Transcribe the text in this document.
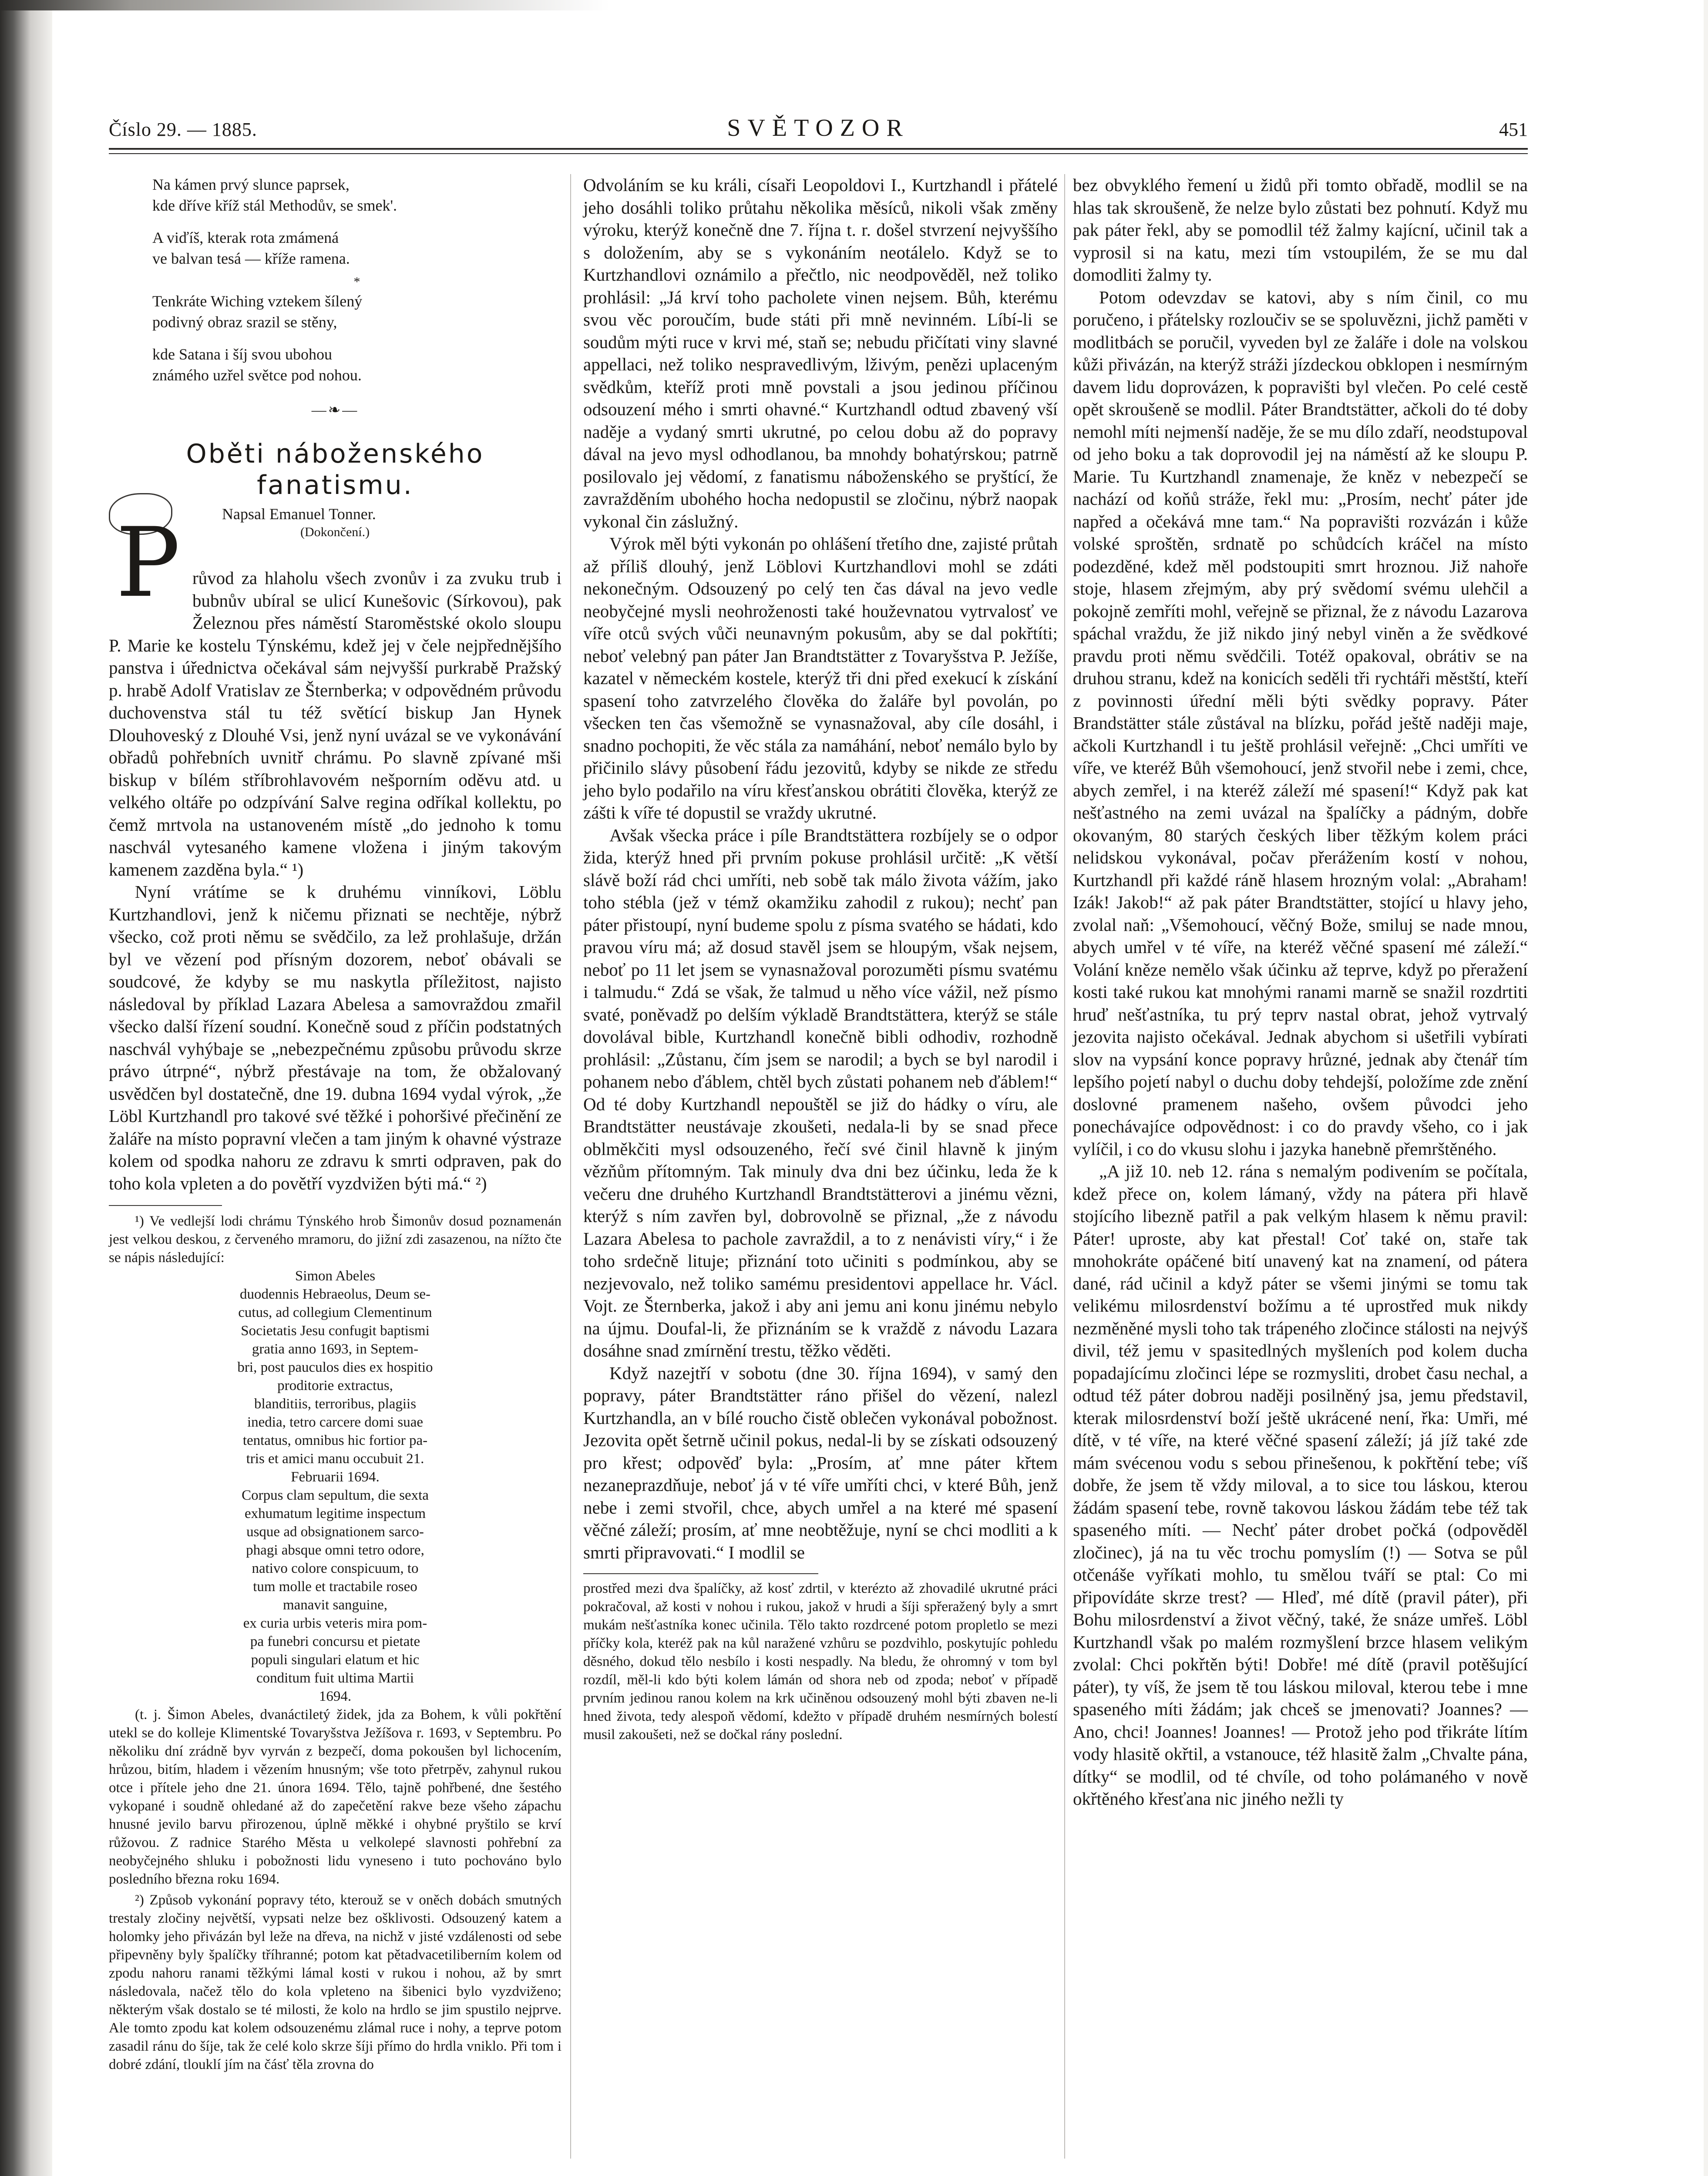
Číslo 29. — 1885.	SVĚTOZOR	451
Na kámen prvý slunce paprsek,
kde dříve kříž stál Methodův, se smek'.
A viďíš, kterak rota zmámená
ve balvan tesá — kříže ramena.
*
Tenkráte Wiching vztekem šílený
podivný obraz srazil se stěny,
kde Satana i šíj svou ubohou
známého uzřel světce pod nohou.
—❧—
Oběti náboženského fanatismu.
Napsal Emanuel Tonner.
(Dokončení.)

P růvod za hlaholu všech zvonův i za zvuku trub i bubnův ubíral se ulicí Kunešovic (Sírkovou), pak Železnou přes náměstí Staroměstské okolo sloupu P. Marie ke kostelu Týnskému, kdež jej v čele nejpřednějšího panstva i úřednictva očekával sám nejvyšší purkrabě Pražský p. hrabě Adolf Vratislav ze Šternberka; v odpovědném průvodu duchovenstva stál tu též světící biskup Jan Hynek Dlouhoveský z Dlouhé Vsi, jenž nyní uvázal se ve vykonávání obřadů pohřebních uvnitř chrámu. Po slavně zpívané mši biskup v bílém stříbrohlavovém nešporním oděvu atd. u velkého oltáře po odzpívání Salve regina odříkal kollektu, po čemž mrtvola na ustanoveném místě „do jednoho k tomu naschvál vytesaného kamene vložena i jiným takovým kamenem zazděna byla.“ ¹)

Nyní vrátíme se k druhému vinníkovi, Löblu Kurtzhandlovi, jenž k ničemu přiznati se nechtěje, nýbrž všecko, což proti němu se svědčilo, za lež prohlašuje, držán byl ve vězení pod přísným dozorem, neboť obávali se soudcové, že kdyby se mu naskytla příležitost, najisto následoval by příklad Lazara Abelesa a samovraždou zmařil všecko další řízení soudní. Konečně soud z příčin podstatných naschvál vyhýbaje se „nebezpečnému způsobu průvodu skrze právo útrpné“, nýbrž přestávaje na tom, že obžalovaný usvědčen byl dostatečně, dne 19. dubna 1694 vydal výrok, „že Löbl Kurtzhandl pro takové své těžké i pohoršivé přečinění ze žaláře na místo popravní vlečen a tam jiným k ohavné výstraze kolem od spodka nahoru ze zdravu k smrti odpraven, pak do toho kola vpleten a do povětří vyzdvižen býti má.“ ²)

¹) Ve vedlejší lodi chrámu Týnského hrob Šimonův dosud poznamenán jest velkou deskou, z červeného mramoru, do jižní zdi zasazenou, na nížto čte se nápis následující:

Simon Abeles
duodennis Hebraeolus, Deum se-
cutus, ad collegium Clementinum
Societatis Jesu confugit baptismi
gratia anno 1693, in Septem-
bri, post pauculos dies ex hospitio
proditorie extractus,
blanditiis, terroribus, plagiis
inedia, tetro carcere domi suae
tentatus, omnibus hic fortior pa-
tris et amici manu occubuit 21.
Februarii 1694.
Corpus clam sepultum, die sexta
exhumatum legitime inspectum
usque ad obsignationem sarco-
phagi absque omni tetro odore,
nativo colore conspicuum, to
tum molle et tractabile roseo
manavit sanguine,
ex curia urbis veteris mira pom-
pa funebri concursu et pietate
populi singulari elatum et hic
conditum fuit ultima Martii
1694.

(t. j. Šimon Abeles, dvanáctiletý židek, jda za Bohem, k vůli pokřtění utekl se do kolleje Klimentské Tovaryšstva Ježíšova r. 1693, v Septembru. Po několiku dní zrádně byv vyrván z bezpečí, doma pokoušen byl lichocením, hrůzou, bitím, hladem i vězením hnusným; vše toto přetrpěv, zahynul rukou otce i přítele jeho dne 21. února 1694. Tělo, tajně pohřbené, dne šestého vykopané i soudně ohledané až do zapečetění rakve beze všeho zápachu hnusné jevilo barvu přirozenou, úplně měkké i ohybné pryštilo se krví růžovou. Z radnice Starého Města u velkolepé slavnosti pohřební za neobyčejného shluku i pobožnosti lidu vyneseno i tuto pochováno bylo posledního března roku 1694.

²) Způsob vykonání popravy této, kterouž se v oněch dobách smutných trestaly zločiny největší, vypsati nelze bez ošklivosti. Odsouzený katem a holomky jeho přivázán byl leže na dřeva, na nichž v jisté vzdálenosti od sebe připevněny byly špalíčky tříhranné; potom kat pětadvacetiliberním kolem od zpodu nahoru ranami těžkými lámal kosti v rukou i nohou, až by smrt následovala, načež tělo do kola vpleteno na šibenici bylo vyzdviženo; některým však dostalo se té milosti, že kolo na hrdlo se jim spustilo nejprve. Ale tomto zpodu kat kolem odsouzenému zlámal ruce i nohy, a teprve potom zasadil ránu do šíje, tak že celé kolo skrze šíji přímo do hrdla vniklo. Při tom i dobré zdání, tlouklí jím na čásť těla zrovna do

Odvoláním se ku králi, císaři Leopoldovi I., Kurtzhandl i přátelé jeho dosáhli toliko průtahu několika měsíců, nikoli však změny výroku, kterýž konečně dne 7. října t. r. došel stvrzení nejvyššího s doložením, aby se s vykonáním neotálelo. Když se to Kurtzhandlovi oznámilo a přečtlo, nic neodpověděl, než toliko prohlásil: „Já krví toho pacholete vinen nejsem. Bůh, kterému svou věc poroučím, bude státi při mně nevinném. Líbí-li se soudům mýti ruce v krvi mé, staň se; nebudu přičítati viny slavné appellaci, než toliko nespravedlivým, lživým, penězi uplaceným svědkům, kteříž proti mně povstali a jsou jedinou příčinou odsouzení mého i smrti ohavné.“ Kurtzhandl odtud zbavený vší naděje a vydaný smrti ukrutné, po celou dobu až do popravy dával na jevo mysl odhodlanou, ba mnohdy bohatýrskou; patrně posilovalo jej vědomí, z fanatismu náboženského se pryštící, že zavražděním ubohého hocha nedopustil se zločinu, nýbrž naopak vykonal čin záslužný.

Výrok měl býti vykonán po ohlášení třetího dne, zajisté průtah až příliš dlouhý, jenž Löblovi Kurtzhandlovi mohl se zdáti nekonečným. Odsouzený po celý ten čas dával na jevo vedle neobyčejné mysli neohroženosti také houževnatou vytrvalosť ve víře otců svých vůči neunavným pokusům, aby se dal pokřtíti; neboť velebný pan páter Jan Brandtstätter z Tovaryšstva P. Ježíše, kazatel v německém kostele, kterýž tři dni před exekucí k získání spasení toho zatvrzelého člověka do žaláře byl povolán, po všecken ten čas všemožně se vynasnažoval, aby cíle dosáhl, i snadno pochopiti, že věc stála za namáhání, neboť nemálo bylo by přičinilo slávy působení řádu jezovitů, kdyby se nikde ze středu jeho bylo podařilo na víru křesťanskou obrátiti člověka, kterýž ze zášti k víře té dopustil se vraždy ukrutné.

Avšak všecka práce i píle Brandtstättera rozbíjely se o odpor žida, kterýž hned při prvním pokuse prohlásil určitě: „K větší slávě boží rád chci umříti, neb sobě tak málo života vážím, jako toho stébla (jež v témž okamžiku zahodil z rukou); nechť pan páter přistoupí, nyní budeme spolu z písma svatého se hádati, kdo pravou víru má; až dosud stavěl jsem se hloupým, však nejsem, neboť po 11 let jsem se vynasnažoval porozuměti písmu svatému i talmudu.“ Zdá se však, že talmud u něho více vážil, než písmo svaté, poněvadž po delším výkladě Brandtstättera, kterýž se stále dovolával bible, Kurtzhandl konečně bibli odhodiv, rozhodně prohlásil: „Zůstanu, čím jsem se narodil; a bych se byl narodil i pohanem nebo ďáblem, chtěl bych zůstati pohanem neb ďáblem!“ Od té doby Kurtzhandl nepouštěl se již do hádky o víru, ale Brandtstätter neustávaje zkoušeti, nedala-li by se snad přece oblměkčiti mysl odsouzeného, řečí své činil hlavně k jiným vězňům přítomným. Tak minuly dva dni bez účinku, leda že k večeru dne druhého Kurtzhandl Brandtstätterovi a jinému vězni, kterýž s ním zavřen byl, dobrovolně se přiznal, „že z návodu Lazara Abelesa to pachole zavraždil, a to z nenávisti víry,“ i že toho srdečně lituje; přiznání toto učiniti s podmínkou, aby se nezjevovalo, než toliko samému presidentovi appellace hr. Václ. Vojt. ze Šternberka, jakož i aby ani jemu ani konu jinému nebylo na újmu. Doufal-li, že přiznáním se k vraždě z návodu Lazara dosáhne snad zmírnění trestu, těžko věděti.

Když nazejtří v sobotu (dne 30. října 1694), v samý den popravy, páter Brandtstätter ráno přišel do vězení, nalezl Kurtzhandla, an v bílé roucho čistě oblečen vykonával pobožnost. Jezovita opět šetrně učinil pokus, nedal-li by se získati odsouzený pro křest; odpověď byla: „Prosím, ať mne páter křtem nezaneprazdňuje, neboť já v té víře umříti chci, v které Bůh, jenž nebe i zemi stvořil, chce, abych umřel a na které mé spasení věčné záleží; prosím, ať mne neobtěžuje, nyní se chci modliti a k smrti připravovati.“ I modlil se

prostřed mezi dva špalíčky, až kosť zdrtil, v kterézto až zhovadilé ukrutné práci pokračoval, až kosti v nohou i rukou, jakož v hrudi a šíji spřeražený byly a smrt mukám nešťastníka konec učinila. Tělo takto rozdrcené potom propletlo se mezi příčky kola, kteréž pak na kůl naražené vzhůru se pozdvihlo, poskytujíc pohledu děsného, dokud tělo nesbílo i kosti nespadly. Na bledu, že ohromný v tom byl rozdíl, měl-li kdo býti kolem lámán od shora neb od zpoda; neboť v případě prvním jedinou ranou kolem na krk učiněnou odsouzený mohl býti zbaven ne-li hned života, tedy alespoň vědomí, kdežto v případě druhém nesmírných bolestí musil zakoušeti, než se dočkal rány poslední.

bez obvyklého řemení u židů při tomto obřadě, modlil se na hlas tak skroušeně, že nelze bylo zůstati bez pohnutí. Když mu pak páter řekl, aby se pomodlil též žalmy kajícní, učinil tak a vyprosil si na katu, mezi tím vstoupilém, že se mu dal domodliti žalmy ty.

Potom odevzdav se katovi, aby s ním činil, co mu poručeno, i přátelsky rozloučiv se se spoluvězni, jichž paměti v modlitbách se poručil, vyveden byl ze žaláře i dole na volskou kůži přivázán, na kterýž stráži jízdeckou obklopen i nesmírným davem lidu doprovázen, k popravišti byl vlečen. Po celé cestě opět skroušeně se modlil. Páter Brandtstätter, ačkoli do té doby nemohl míti nejmenší naděje, že se mu dílo zdaří, neodstupoval od jeho boku a tak doprovodil jej na náměstí až ke sloupu P. Marie. Tu Kurtzhandl znamenaje, že kněz v nebezpečí se nachází od koňů stráže, řekl mu: „Prosím, nechť páter jde napřed a očekává mne tam.“ Na popravišti rozvázán i kůže volské sproštěn, srdnatě po schůdcích kráčel na místo podezděné, kdež měl podstoupiti smrt hroznou. Již nahoře stoje, hlasem zřejmým, aby prý svědomí svému ulehčil a pokojně zemříti mohl, veřejně se přiznal, že z návodu Lazarova spáchal vraždu, že již nikdo jiný nebyl viněn a že svědkové pravdu proti němu svědčili. Totéž opakoval, obrátiv se na druhou stranu, kdež na konicích seděli tři rychtáři městští, kteří z povinnosti úřední měli býti svědky popravy. Páter Brandstätter stále zůstával na blízku, pořád ještě naději maje, ačkoli Kurtzhandl i tu ještě prohlásil veřejně: „Chci umříti ve víře, ve kteréž Bůh všemohoucí, jenž stvořil nebe i zemi, chce, abych zemřel, i na kteréž záleží mé spasení!“ Když pak kat nešťastného na zemi uvázal na špalíčky a pádným, dobře okovaným, 80 starých českých liber těžkým kolem práci nelidskou vykonával, počav přerážením kostí v nohou, Kurtzhandl při každé ráně hlasem hrozným volal: „Abraham! Izák! Jakob!“ až pak páter Brandtstätter, stojící u hlavy jeho, zvolal naň: „Všemohoucí, věčný Bože, smiluj se nade mnou, abych umřel v té víře, na kteréž věčné spasení mé záleží.“ Volání kněze nemělo však účinku až teprve, když po přeražení kosti také rukou kat mnohými ranami marně se snažil rozdrtiti hruď nešťastníka, tu prý teprv nastal obrat, jehož vytrvalý jezovita najisto očekával. Jednak abychom si ušetřili vybírati slov na vypsání konce popravy hrůzné, jednak aby čtenář tím lepšího pojetí nabyl o duchu doby tehdejší, položíme zde znění doslovné pramenem našeho, ovšem původci jeho ponechávajíce odpovědnost: i co do pravdy všeho, co i jak vylíčil, i co do vkusu slohu i jazyka hanebně přemrštěného.

„A již 10. neb 12. rána s nemalým podivením se počítala, kdež přece on, kolem lámaný, vždy na pátera při hlavě stojícího libezně patřil a pak velkým hlasem k němu pravil: Páter! uproste, aby kat přestal! Coť také on, staře tak mnohokráte opáčené bití unavený kat na znamení, od pátera dané, rád učinil a když páter se všemi jinými se tomu tak velikému milosrdenství božímu a té uprostřed muk nikdy nezměněné mysli toho tak trápeného zločince stálosti na nejvýš divil, též jemu v spasitedlných myšleních pod kolem ducha popadajícímu zločinci lépe se rozmysliti, drobet času nechal, a odtud též páter dobrou naději posilněný jsa, jemu představil, kterak milosrdenství boží ještě ukrácené není, řka: Umři, mé dítě, v té víře, na které věčné spasení záleží; já jíž také zde mám svécenou vodu s sebou přinešenou, k pokřtění tebe; víš dobře, že jsem tě vždy miloval, a to sice tou láskou, kterou žádám spasení tebe, rovně takovou láskou žádám tebe též tak spaseného míti. — Nechť páter drobet počká (odpověděl zločinec), já na tu věc trochu pomyslím (!) — Sotva se půl otčenáše vyříkati mohlo, tu smělou tváří se ptal: Co mi připovídáte skrze trest? — Hleď, mé dítě (pravil páter), při Bohu milosrdenství a život věčný, také, že snáze umřeš. Löbl Kurtzhandl však po malém rozmyšlení brzce hlasem velikým zvolal: Chci pokřtěn býti! Dobře! mé dítě (pravil potěšující páter), ty víš, že jsem tě tou láskou miloval, kterou tebe i mne spaseného míti žádám; jak chceš se jmenovati? Joannes? — Ano, chci! Joannes! Joannes! — Protož jeho pod třikráte lítím vody hlasitě okřtil, a vstanouce, též hlasitě žalm „Chvalte pána, dítky“ se modlil, od té chvíle, od toho polámaného v nově okřtěného křesťana nic jiného nežli ty
